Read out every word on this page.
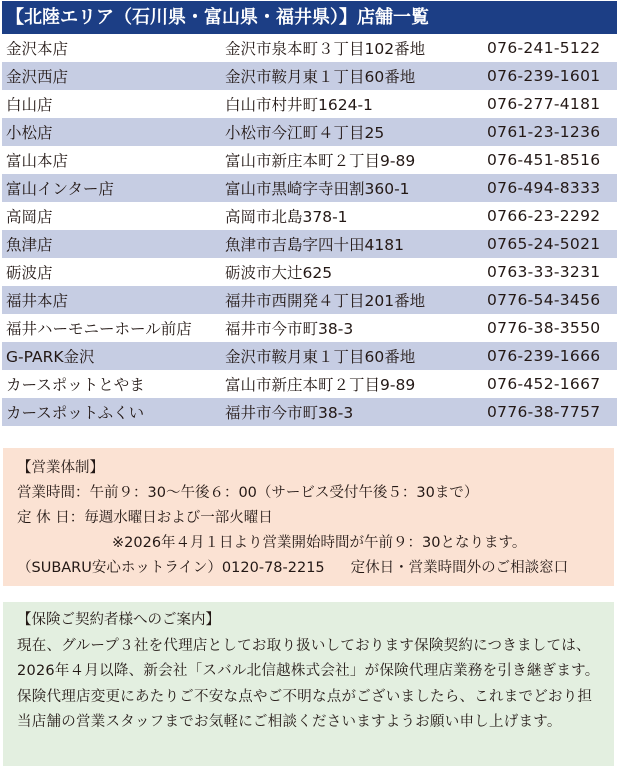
【北陸エリア（石川県・富山県・福井県）】店舗一覧
金沢本店	金沢市泉本町３丁目102番地	076-241-5122
金沢西店	金沢市鞍月東１丁目60番地	076-239-1601
白山店	白山市村井町1624-1	076-277-4181
小松店	小松市今江町４丁目25	0761-23-1236
富山本店	富山市新庄本町２丁目9-89	076-451-8516
富山インター店	富山市黒崎字寺田割360-1	076-494-8333
高岡店	高岡市北島378-1	0766-23-2292
魚津店	魚津市吉島字四十田4181	0765-24-5021
砺波店	砺波市大辻625	0763-33-3231
福井本店	福井市西開発４丁目201番地	0776-54-3456
福井ハーモニーホール前店	福井市今市町38-3	0776-38-3550
G-PARK金沢	金沢市鞍月東１丁目60番地	076-239-1666
カースポットとやま	富山市新庄本町２丁目9-89	076-452-1667
カースポットふくい	福井市今市町38-3	0776-38-7757
【営業体制】
営業時間：午前９：30〜午後６：00（サービス受付午後５：30まで）
定 休 日：毎週水曜日および一部火曜日
※2026年４月１日より営業開始時間が午前９：30となります。
（SUBARU安心ホットライン）0120-78-2215 定休日・営業時間外のご相談窓口
【保険ご契約者様へのご案内】
現在、グループ３社を代理店としてお取り扱いしております保険契約につきましては、2026年４月以降、新会社「スバル北信越株式会社」が保険代理店業務を引き継ぎます。保険代理店変更にあたりご不安な点やご不明な点がございましたら、これまでどおり担当店舗の営業スタッフまでお気軽にご相談くださいますようお願い申し上げます。
